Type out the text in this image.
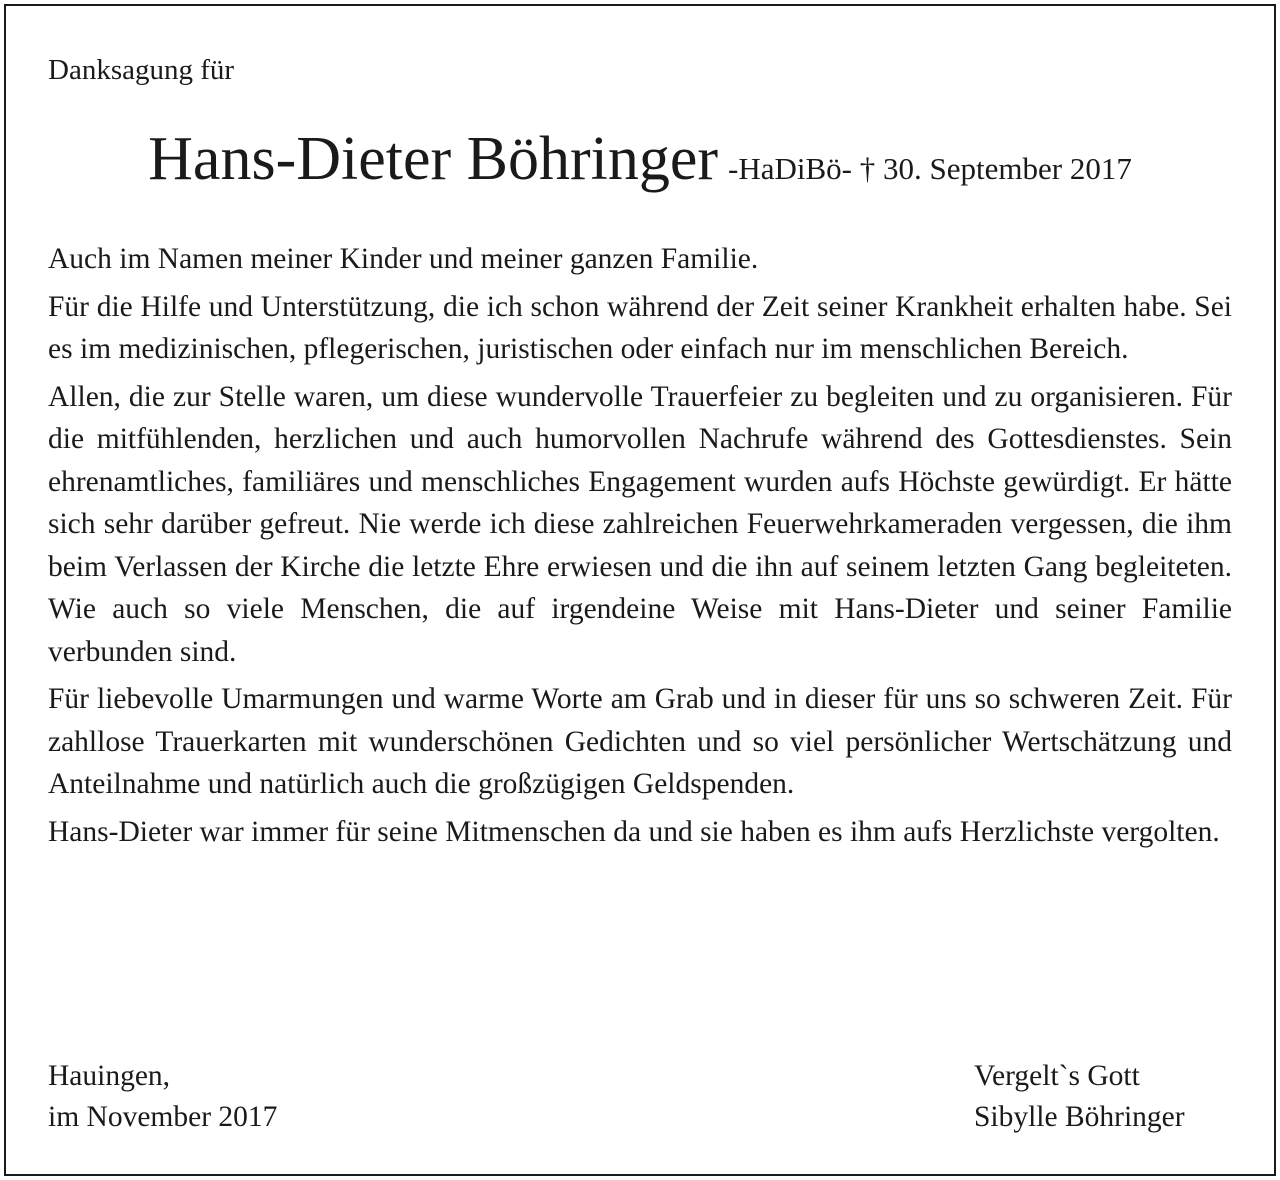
Danksagung für
Hans-Dieter Böhringer -HaDiBö- † 30. September 2017

Auch im Namen meiner Kinder und meiner ganzen Familie.

Für die Hilfe und Unterstützung, die ich schon während der Zeit seiner Krankheit erhalten habe. Sei es im medizinischen, pflegerischen, juristischen oder einfach nur im menschlichen Bereich.

Allen, die zur Stelle waren, um diese wundervolle Trauerfeier zu begleiten und zu organisieren. Für die mitfühlenden, herzlichen und auch humorvollen Nachrufe während des Gottesdienstes. Sein ehrenamtliches, familiäres und menschliches Engagement wurden aufs Höchste gewürdigt. Er hätte sich sehr darüber gefreut. Nie werde ich diese zahlreichen Feuerwehrkameraden vergessen, die ihm beim Verlassen der Kirche die letzte Ehre erwiesen und die ihn auf seinem letzten Gang begleiteten. Wie auch so viele Menschen, die auf irgendeine Weise mit Hans-Dieter und seiner Familie verbunden sind.

Für liebevolle Umarmungen und warme Worte am Grab und in dieser für uns so schweren Zeit. Für zahllose Trauerkarten mit wunderschönen Gedichten und so viel persönlicher Wertschätzung und Anteilnahme und natürlich auch die großzügigen Geldspenden.

Hans-Dieter war immer für seine Mitmenschen da und sie haben es ihm aufs Herzlichste vergolten.

Hauingen,
im November 2017
Vergelt`s Gott
Sibylle Böhringer
